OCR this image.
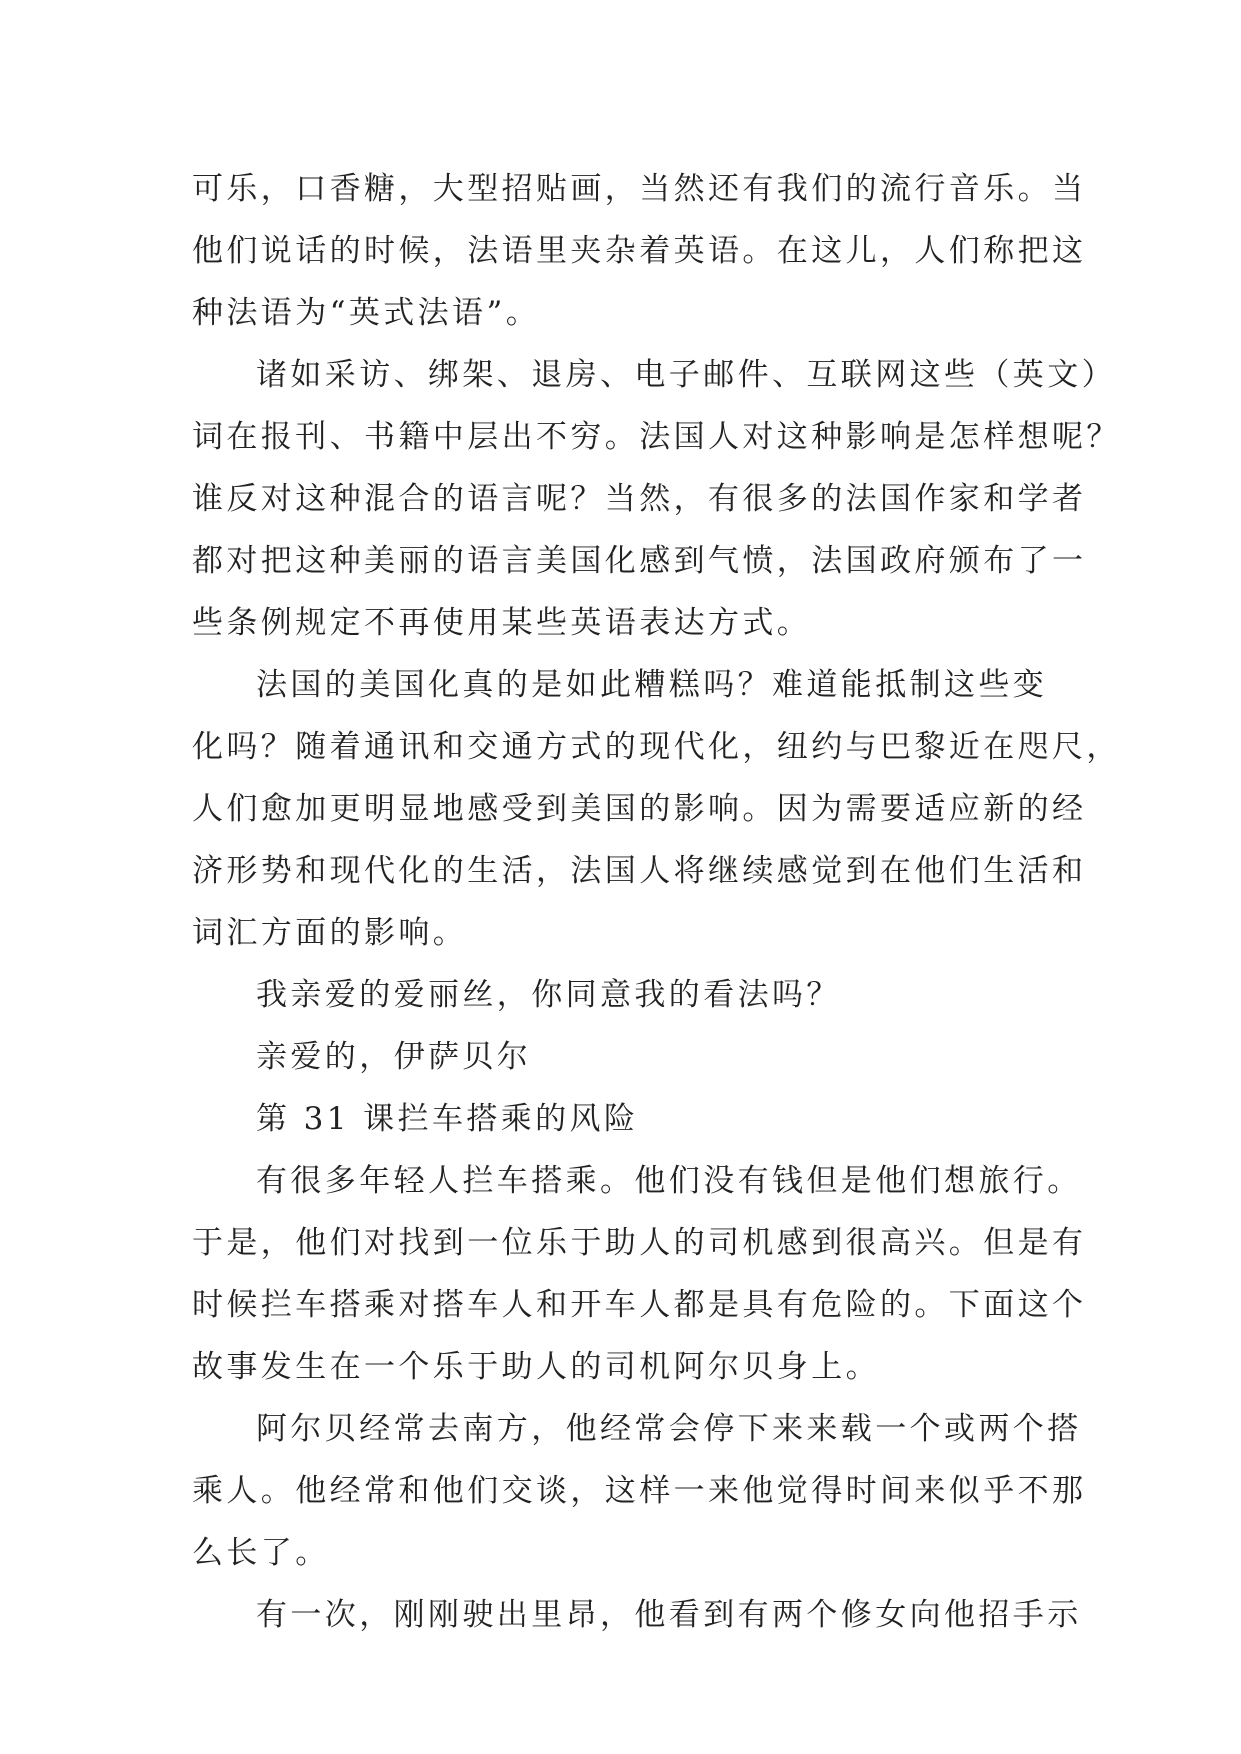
可乐，口香糖，大型招贴画，当然还有我们的流行音乐。当
他们说话的时候，法语里夹杂着英语。在这儿，人们称把这
种法语为“英式法语”。
诸如采访、绑架、退房、电子邮件、互联网这些（英文）
词在报刊、书籍中层出不穷。法国人对这种影响是怎样想呢？
谁反对这种混合的语言呢？当然，有很多的法国作家和学者
都对把这种美丽的语言美国化感到气愤，法国政府颁布了一
些条例规定不再使用某些英语表达方式。
法国的美国化真的是如此糟糕吗？难道能抵制这些变
化吗？随着通讯和交通方式的现代化，纽约与巴黎近在咫尺，
人们愈加更明显地感受到美国的影响。因为需要适应新的经
济形势和现代化的生活，法国人将继续感觉到在他们生活和
词汇方面的影响。
我亲爱的爱丽丝，你同意我的看法吗？
亲爱的，伊萨贝尔
第 31 课拦车搭乘的风险
有很多年轻人拦车搭乘。他们没有钱但是他们想旅行。
于是，他们对找到一位乐于助人的司机感到很高兴。但是有
时候拦车搭乘对搭车人和开车人都是具有危险的。下面这个
故事发生在一个乐于助人的司机阿尔贝身上。
阿尔贝经常去南方，他经常会停下来来载一个或两个搭
乘人。他经常和他们交谈，这样一来他觉得时间来似乎不那
么长了。
有一次，刚刚驶出里昂，他看到有两个修女向他招手示
